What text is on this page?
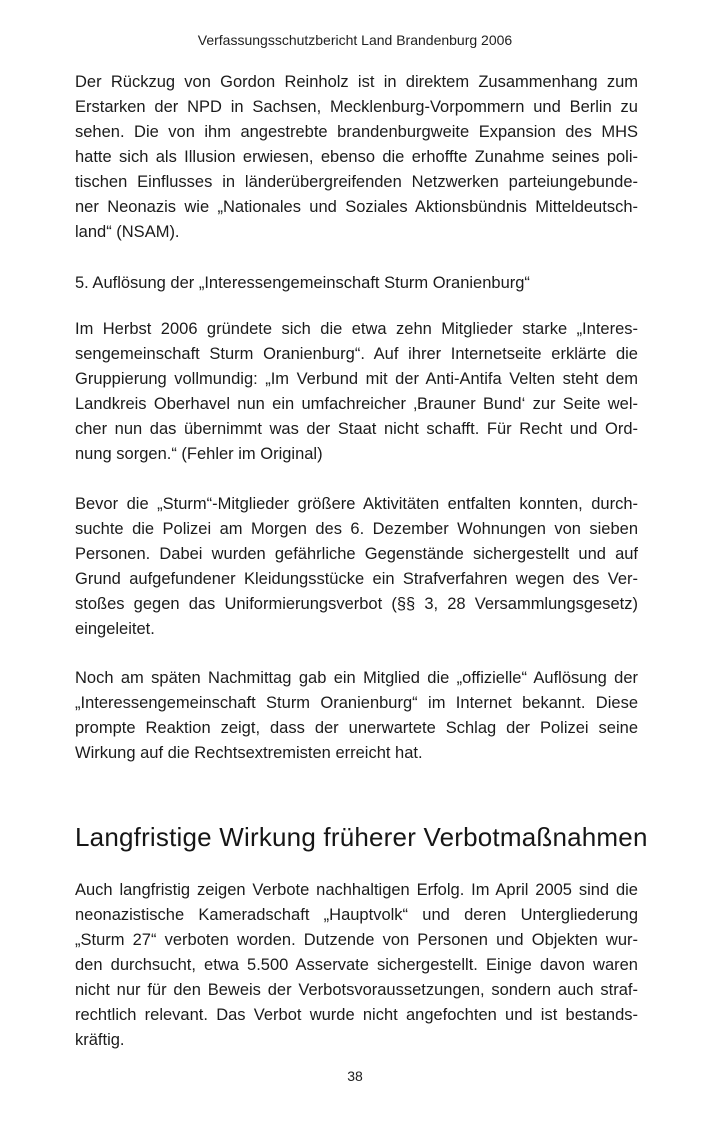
Verfassungsschutzbericht Land Brandenburg 2006
Der Rückzug von Gordon Reinholz ist in direktem Zusammenhang zum
Erstarken der NPD in Sachsen, Mecklenburg-Vorpommern und Berlin zu
sehen. Die von ihm angestrebte brandenburgweite Expansion des MHS
hatte sich als Illusion erwiesen, ebenso die erhoffte Zunahme seines poli-
tischen Einflusses in länderübergreifenden Netzwerken parteiungebunde-
ner Neonazis wie „Nationales und Soziales Aktionsbündnis Mitteldeutsch-
land“ (NSAM).
5. Auflösung der „Interessengemeinschaft Sturm Oranienburg“
Im Herbst 2006 gründete sich die etwa zehn Mitglieder starke „Interes-
sengemeinschaft Sturm Oranienburg“. Auf ihrer Internetseite erklärte die
Gruppierung vollmundig: „Im Verbund mit der Anti-Antifa Velten steht dem
Landkreis Oberhavel nun ein umfachreicher ‚Brauner Bund‘ zur Seite wel-
cher nun das übernimmt was der Staat nicht schafft. Für Recht und Ord-
nung sorgen.“ (Fehler im Original)
Bevor die „Sturm“-Mitglieder größere Aktivitäten entfalten konnten, durch-
suchte die Polizei am Morgen des 6. Dezember Wohnungen von sieben
Personen. Dabei wurden gefährliche Gegenstände sichergestellt und auf
Grund aufgefundener Kleidungsstücke ein Strafverfahren wegen des Ver-
stoßes gegen das Uniformierungsverbot (§§ 3, 28 Versammlungsgesetz)
eingeleitet.
Noch am späten Nachmittag gab ein Mitglied die „offizielle“ Auflösung der
„Interessengemeinschaft Sturm Oranienburg“ im Internet bekannt. Diese
prompte Reaktion zeigt, dass der unerwartete Schlag der Polizei seine
Wirkung auf die Rechtsextremisten erreicht hat.
Langfristige Wirkung früherer Verbotmaßnahmen
Auch langfristig zeigen Verbote nachhaltigen Erfolg. Im April 2005 sind die
neonazistische Kameradschaft „Hauptvolk“ und deren Untergliederung
„Sturm 27“ verboten worden. Dutzende von Personen und Objekten wur-
den durchsucht, etwa 5.500 Asservate sichergestellt. Einige davon waren
nicht nur für den Beweis der Verbotsvoraussetzungen, sondern auch straf-
rechtlich relevant. Das Verbot wurde nicht angefochten und ist bestands-
kräftig.
38
